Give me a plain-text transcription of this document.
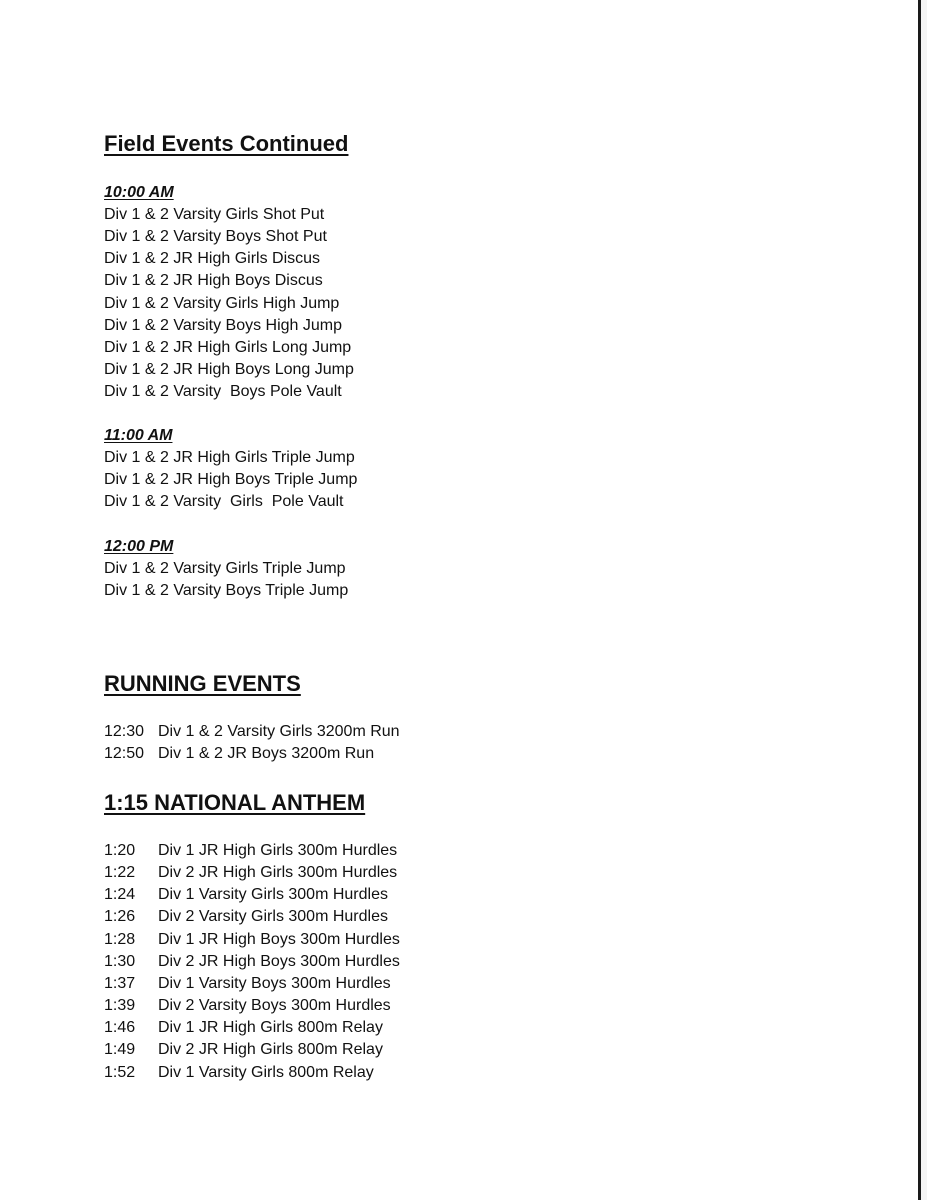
Field Events Continued

10:00 AM

Div 1 & 2 Varsity Girls Shot Put

Div 1 & 2 Varsity Boys Shot Put

Div 1 & 2 JR High Girls Discus

Div 1 & 2 JR High Boys Discus

Div 1 & 2 Varsity Girls High Jump

Div 1 & 2 Varsity Boys High Jump

Div 1 & 2 JR High Girls Long Jump

Div 1 & 2 JR High Boys Long Jump

Div 1 & 2 Varsity  Boys Pole Vault

11:00 AM

Div 1 & 2 JR High Girls Triple Jump

Div 1 & 2 JR High Boys Triple Jump

Div 1 & 2 Varsity  Girls  Pole Vault

12:00 PM

Div 1 & 2 Varsity Girls Triple Jump

Div 1 & 2 Varsity Boys Triple Jump

RUNNING EVENTS
12:30 Div 1 & 2 Varsity Girls 3200m Run
12:50 Div 1 & 2 JR Boys 3200m Run
1:15 NATIONAL ANTHEM
1:20	Div 1 JR High Girls 300m Hurdles
1:22	Div 2 JR High Girls 300m Hurdles
1:24	Div 1 Varsity Girls 300m Hurdles
1:26	Div 2 Varsity Girls 300m Hurdles
1:28	Div 1 JR High Boys 300m Hurdles
1:30	Div 2 JR High Boys 300m Hurdles
1:37	Div 1 Varsity Boys 300m Hurdles
1:39	Div 2 Varsity Boys 300m Hurdles
1:46	Div 1 JR High Girls 800m Relay
1:49	Div 2 JR High Girls 800m Relay
1:52	Div 1 Varsity Girls 800m Relay
